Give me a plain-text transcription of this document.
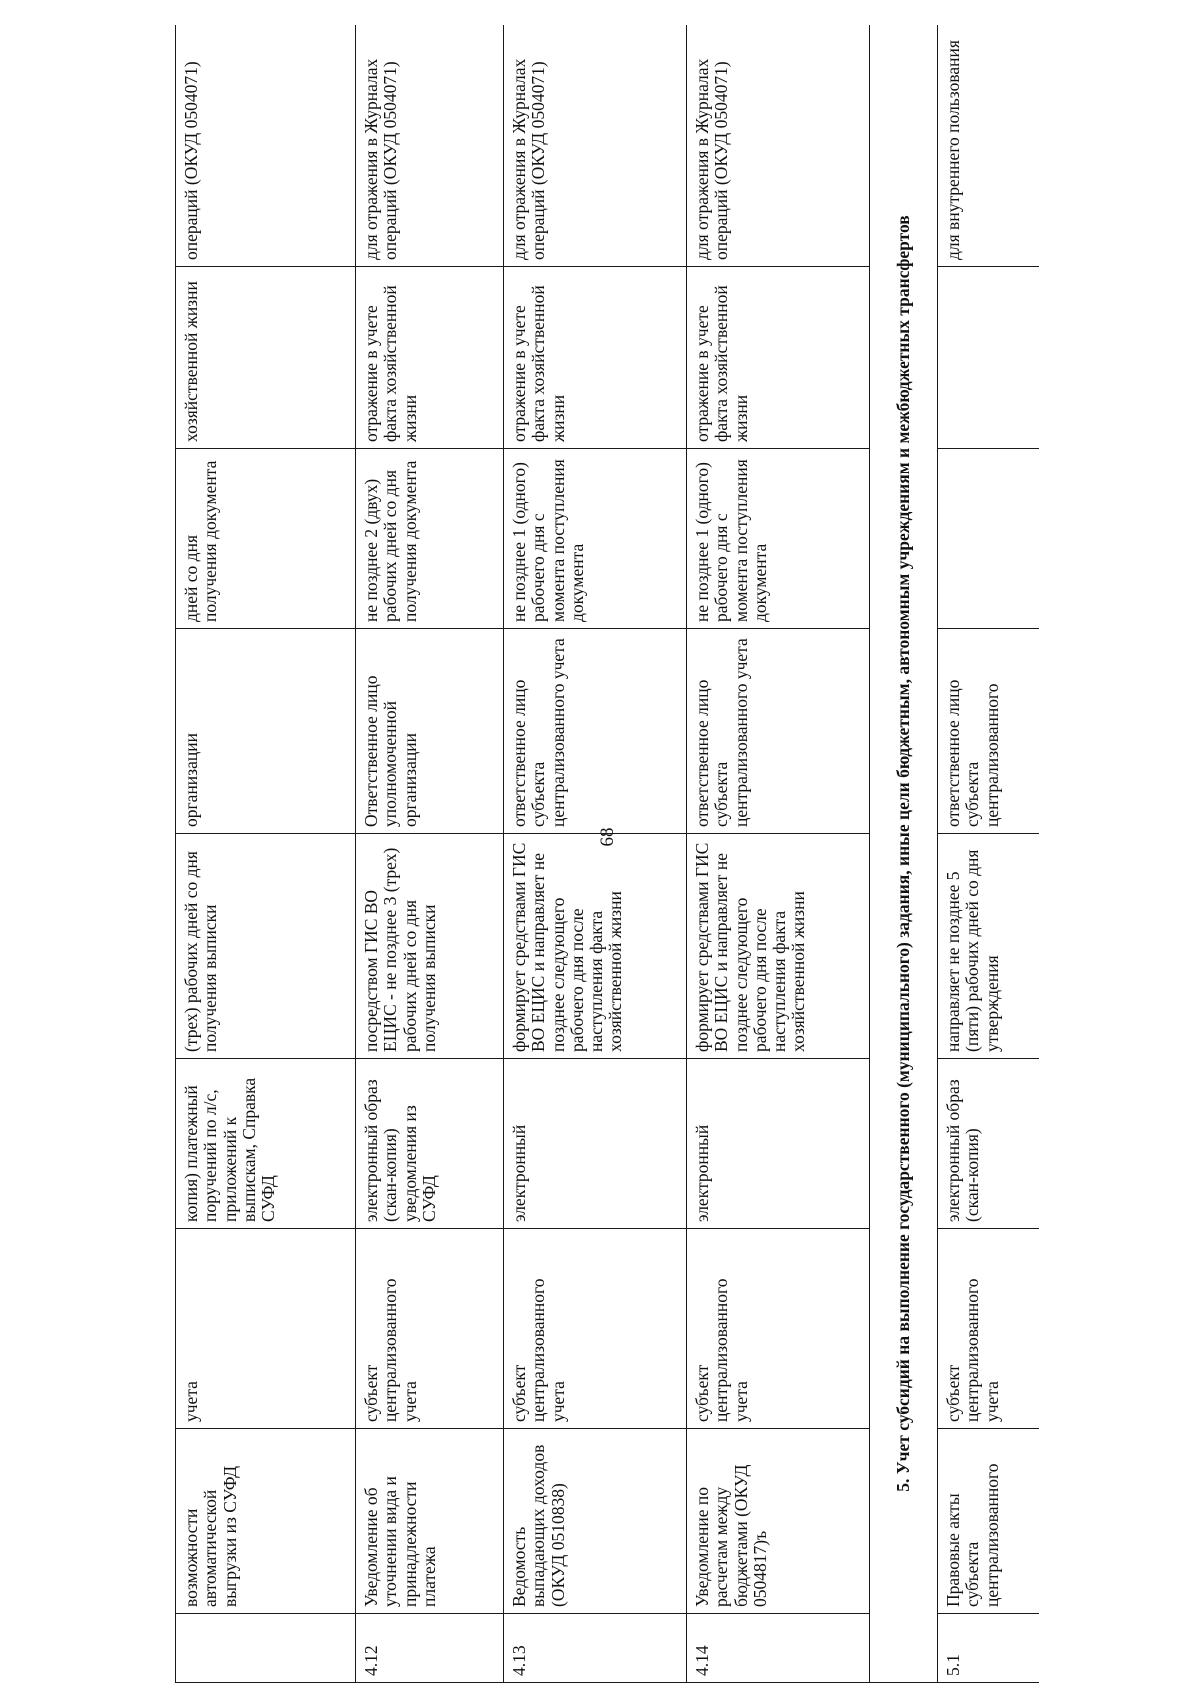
68
	возможности автоматической выгрузки из СУФД	учета	копия) платежный поручений по л/с, приложений к выпискам, Справка СУФД	(трех) рабочих дней со дня получения выписки	организации	дней со дня получения документа	хозяйственной жизни	операций (ОКУД 0504071)
4.12	Уведомление об уточнении вида и принадлежности платежа	субъект централизованного учета	электронный образ (скан-копия) уведомления из СУФД	посредством ГИС ВО ЕЦИС - не позднее 3 (трех) рабочих дней со дня получения выписки	Ответственное лицо уполномоченной организации	не позднее 2 (двух) рабочих дней со дня получения документа	отражение в учете факта хозяйственной жизни	для отражения в Журналах операций (ОКУД 0504071)
4.13	Ведомость выпадающих доходов (ОКУД 0510838)	субъект централизованного учета	электронный	формирует средствами ГИС ВО ЕЦИС и направляет не позднее следующего рабочего дня после наступления факта хозяйственной жизни	ответственное лицо субъекта централизованного учета	не позднее 1 (одного) рабочего дня с момента поступления документа	отражение в учете факта хозяйственной жизни	для отражения в Журналах операций (ОКУД 0504071)
4.14	Уведомление по расчетам между бюджетами (ОКУД 0504817)ъ	субъект централизованного учета	электронный	формирует средствами ГИС ВО ЕЦИС и направляет не позднее следующего рабочего дня после наступления факта хозяйственной жизни	ответственное лицо субъекта централизованного учета	не позднее 1 (одного) рабочего дня с момента поступления документа	отражение в учете факта хозяйственной жизни	для отражения в Журналах операций (ОКУД 0504071)
5. Учет субсидий на выполнение государственного (муниципального) задания, иные цели бюджетным, автономным учреждениям и межбюджетных трансфертов								
5.1	Правовые акты субъекта централизованного	субъект централизованного учета	электронный образ (скан-копия)	направляет не позднее 5 (пяти) рабочих дней со дня утверждения	ответственное лицо субъекта централизованного			для внутреннего пользования
